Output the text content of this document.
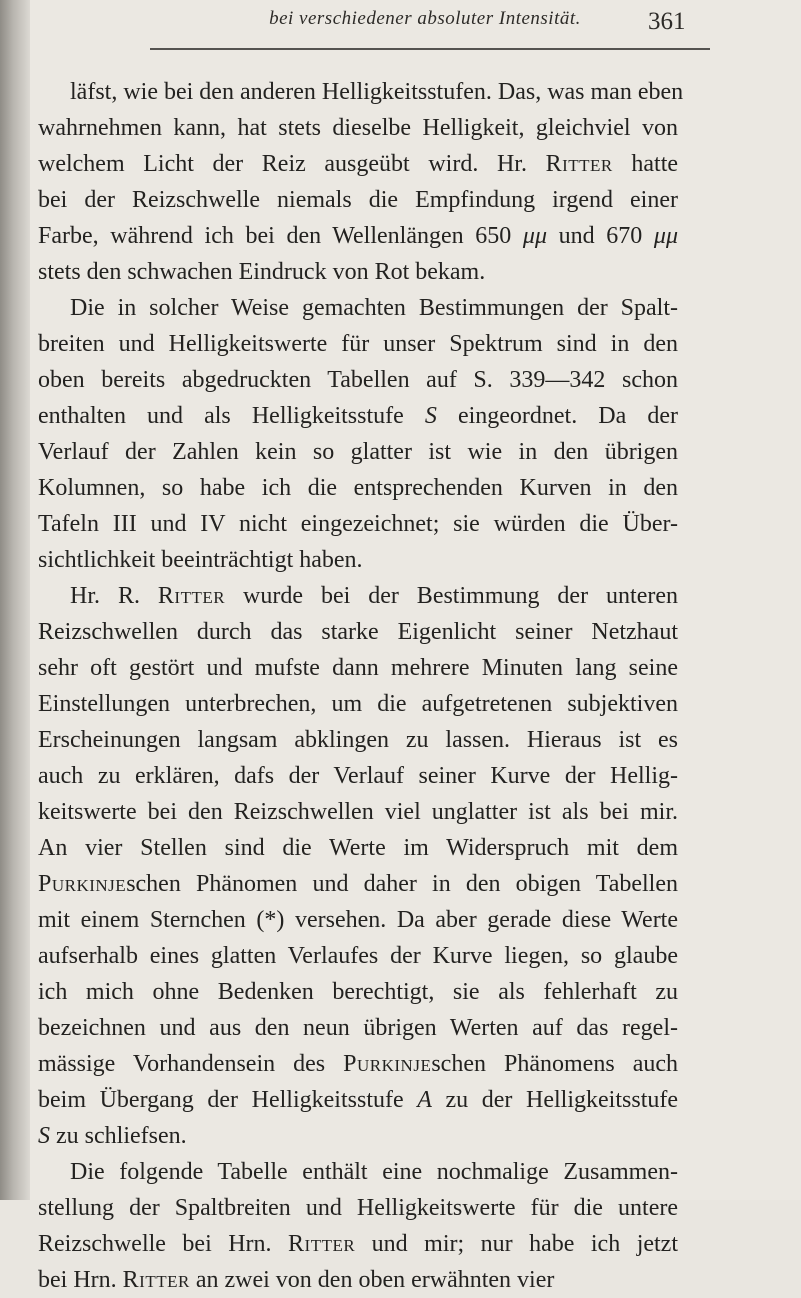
bei verschiedener absoluter Intensität.	361
läfst, wie bei den anderen Helligkeitsstufen. Das, was man eben
wahrnehmen kann, hat stets dieselbe Helligkeit, gleichviel von
welchem Licht der Reiz ausgeübt wird. Hr. Ritter hatte
bei der Reizschwelle niemals die Empfindung irgend einer
Farbe, während ich bei den Wellenlängen 650 μμ und 670 μμ
stets den schwachen Eindruck von Rot bekam.
Die in solcher Weise gemachten Bestimmungen der Spalt-
breiten und Helligkeitswerte für unser Spektrum sind in den
oben bereits abgedruckten Tabellen auf S. 339—342 schon
enthalten und als Helligkeitsstufe S eingeordnet. Da der
Verlauf der Zahlen kein so glatter ist wie in den übrigen
Kolumnen, so habe ich die entsprechenden Kurven in den
Tafeln III und IV nicht eingezeichnet; sie würden die Über-
sichtlichkeit beeinträchtigt haben.
Hr. R. Ritter wurde bei der Bestimmung der unteren
Reizschwellen durch das starke Eigenlicht seiner Netzhaut
sehr oft gestört und mufste dann mehrere Minuten lang seine
Einstellungen unterbrechen, um die aufgetretenen subjektiven
Erscheinungen langsam abklingen zu lassen. Hieraus ist es
auch zu erklären, dafs der Verlauf seiner Kurve der Hellig-
keitswerte bei den Reizschwellen viel unglatter ist als bei mir.
An vier Stellen sind die Werte im Widerspruch mit dem
Purkinjeschen Phänomen und daher in den obigen Tabellen
mit einem Sternchen (*) versehen. Da aber gerade diese Werte
aufserhalb eines glatten Verlaufes der Kurve liegen, so glaube
ich mich ohne Bedenken berechtigt, sie als fehlerhaft zu
bezeichnen und aus den neun übrigen Werten auf das regel-
mässige Vorhandensein des Purkinjeschen Phänomens auch
beim Übergang der Helligkeitsstufe A zu der Helligkeitsstufe
S zu schliefsen.
Die folgende Tabelle enthält eine nochmalige Zusammen-
stellung der Spaltbreiten und Helligkeitswerte für die untere
Reizschwelle bei Hrn. Ritter und mir; nur habe ich jetzt
bei Hrn. Ritter an zwei von den oben erwähnten vier
